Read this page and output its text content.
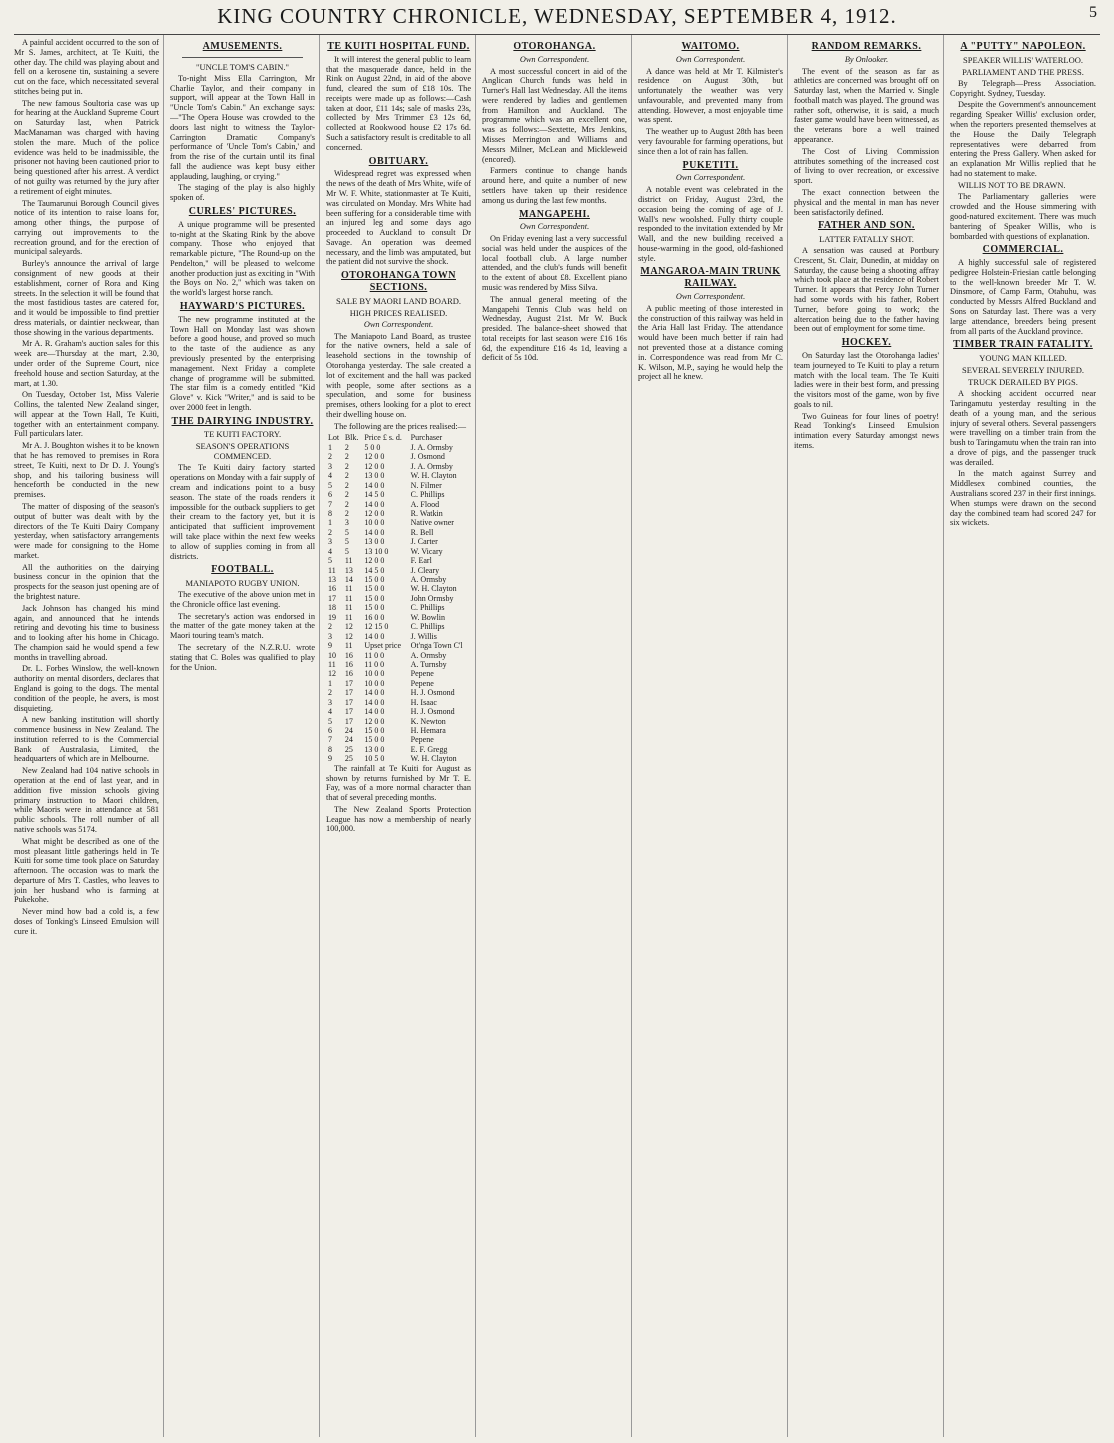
KING COUNTRY CHRONICLE, WEDNESDAY, SEPTEMBER 4, 1912.	5

A painful accident occurred to the son of Mr S. James, architect, at Te Kuiti, the other day. The child was playing about and fell on a kerosene tin, sustaining a severe cut on the face, which necessitated several stitches being put in.

The new famous Soultoria case was up for hearing at the Auckland Supreme Court on Saturday last, when Patrick MacManaman was charged with having stolen the mare. Much of the police evidence was held to be inadmissible, the prisoner not having been cautioned prior to being questioned after his arrest. A verdict of not guilty was returned by the jury after a retirement of eight minutes.

The Taumarunui Borough Council gives notice of its intention to raise loans for, among other things, the purpose of carrying out improvements to the recreation ground, and for the erection of municipal saleyards.

Burley's announce the arrival of large consignment of new goods at their establishment, corner of Rora and King streets. In the selection it will be found that the most fastidious tastes are catered for, and it would be impossible to find prettier dress materials, or daintier neckwear, than those showing in the various departments.

Mr A. R. Graham's auction sales for this week are—Thursday at the mart, 2.30, under order of the Supreme Court, nice freehold house and section Saturday, at the mart, at 1.30.

On Tuesday, October 1st, Miss Valerie Collins, the talented New Zealand singer, will appear at the Town Hall, Te Kuiti, together with an entertainment company. Full particulars later.

Mr A. J. Boughton wishes it to be known that he has removed to premises in Rora street, Te Kuiti, next to Dr D. J. Young's shop, and his tailoring business will henceforth be conducted in the new premises.

The matter of disposing of the season's output of butter was dealt with by the directors of the Te Kuiti Dairy Company yesterday, when satisfactory arrangements were made for consigning to the Home market.

All the authorities on the dairying business concur in the opinion that the prospects for the season just opening are of the brightest nature.

Jack Johnson has changed his mind again, and announced that he intends retiring and devoting his time to business and to looking after his home in Chicago. The champion said he would spend a few months in travelling abroad.

Dr. L. Forbes Winslow, the well-known authority on mental disorders, declares that England is going to the dogs. The mental condition of the people, he avers, is most disquieting.

A new banking institution will shortly commence business in New Zealand. The institution referred to is the Commercial Bank of Australasia, Limited, the headquarters of which are in Melbourne.

New Zealand had 104 native schools in operation at the end of last year, and in addition five mission schools giving primary instruction to Maori children, while Maoris were in attendance at 581 public schools. The roll number of all native schools was 5174.

What might be described as one of the most pleasant little gatherings held in Te Kuiti for some time took place on Saturday afternoon. The occasion was to mark the departure of Mrs T. Castles, who leaves to join her husband who is farming at Pukekohe.

Never mind how bad a cold is, a few doses of Tonking's Linseed Emulsion will cure it.

AMUSEMENTS.
"UNCLE TOM'S CABIN."

To-night Miss Ella Carrington, Mr Charlie Taylor, and their company in support, will appear at the Town Hall in "Uncle Tom's Cabin." An exchange says:—"The Opera House was crowded to the doors last night to witness the Taylor-Carrington Dramatic Company's performance of 'Uncle Tom's Cabin,' and from the rise of the curtain until its final fall the audience was kept busy either applauding, laughing, or crying."

The staging of the play is also highly spoken of.

CURLES' PICTURES.

A unique programme will be presented to-night at the Skating Rink by the above company. Those who enjoyed that remarkable picture, "The Round-up on the Pendelton," will be pleased to welcome another production just as exciting in "With the Boys on No. 2," which was taken on the world's largest horse ranch.

HAYWARD'S PICTURES.

The new programme instituted at the Town Hall on Monday last was shown before a good house, and proved so much to the taste of the audience as any previously presented by the enterprising management. Next Friday a complete change of programme will be submitted. The star film is a comedy entitled "Kid Glove" v. Kick "Writer," and is said to be over 2000 feet in length.

THE DAIRYING INDUSTRY.
TE KUITI FACTORY.
SEASON'S OPERATIONS COMMENCED.

The Te Kuiti dairy factory started operations on Monday with a fair supply of cream and indications point to a busy season. The state of the roads renders it impossible for the outback suppliers to get their cream to the factory yet, but it is anticipated that sufficient improvement will take place within the next few weeks to allow of supplies coming in from all districts.

FOOTBALL.
MANIAPOTO RUGBY UNION.

The executive of the above union met in the Chronicle office last evening.

The secretary's action was endorsed in the matter of the gate money taken at the Maori touring team's match.

The secretary of the N.Z.R.U. wrote stating that C. Boles was qualified to play for the Union.

TE KUITI HOSPITAL FUND.

It will interest the general public to learn that the masquerade dance, held in the Rink on August 22nd, in aid of the above fund, cleared the sum of £18 10s. The receipts were made up as follows:—Cash taken at door, £11 14s; sale of masks 23s, collected by Mrs Trimmer £3 12s 6d, collected at Rookwood house £2 17s 6d. Such a satisfactory result is creditable to all concerned.

OBITUARY.

Widespread regret was expressed when the news of the death of Mrs White, wife of Mr W. F. White, stationmaster at Te Kuiti, was circulated on Monday. Mrs White had been suffering for a considerable time with an injured leg and some days ago proceeded to Auckland to consult Dr Savage. An operation was deemed necessary, and the limb was amputated, but the patient did not survive the shock.

OTOROHANGA TOWN SECTIONS.
SALE BY MAORI LAND BOARD.
HIGH PRICES REALISED.
Own Correspondent.

The Maniapoto Land Board, as trustee for the native owners, held a sale of leasehold sections in the township of Otorohanga yesterday. The sale created a lot of excitement and the hall was packed with people, some after sections as a speculation, and some for business premises, others looking for a plot to erect their dwelling house on.

The following are the prices realised:—

Lot	Blk.	Price £ s. d.	Purchaser
1	2	5 0 0	J. A. Ormsby
2	2	12 0 0	J. Osmond
3	2	12 0 0	J. A. Ormsby
4	2	13 0 0	W. H. Clayton
5	2	14 0 0	N. Filmer
6	2	14 5 0	C. Phillips
7	2	14 0 0	A. Flood
8	2	12 0 0	R. Watkin
1	3	10 0 0	Native owner
2	5	14 0 0	R. Bell
3	5	13 0 0	J. Carter
4	5	13 10 0	W. Vicary
5	11	12 0 0	F. Earl
11	13	14 5 0	J. Cleary
13	14	15 0 0	A. Ormsby
16	11	15 0 0	W. H. Clayton
17	11	15 0 0	John Ormsby
18	11	15 0 0	C. Phillips
19	11	16 0 0	W. Bowlin
2	12	12 15 0	C. Phillips
3	12	14 0 0	J. Willis
9	11	Upset price	Ot'nga Town C'l
10	16	11 0 0	A. Ormsby
11	16	11 0 0	A. Turnsby
12	16	10 0 0	Pepene
1	17	10 0 0	Pepene
2	17	14 0 0	H. J. Osmond
3	17	14 0 0	H. Isaac
4	17	14 0 0	H. J. Osmond
5	17	12 0 0	K. Newton
6	24	15 0 0	H. Hemara
7	24	15 0 0	Pepene
8	25	13 0 0	E. F. Gregg
9	25	10 5 0	W. H. Clayton

The rainfall at Te Kuiti for August as shown by returns furnished by Mr T. E. Fay, was of a more normal character than that of several preceding months.

The New Zealand Sports Protection League has now a membership of nearly 100,000.

OTOROHANGA.
Own Correspondent.

A most successful concert in aid of the Anglican Church funds was held in Turner's Hall last Wednesday. All the items were rendered by ladies and gentlemen from Hamilton and Auckland. The programme which was an excellent one, was as follows:—Sextette, Mrs Jenkins, Misses Merrington and Williams and Messrs Milner, McLean and Mickleweid (encored).

Farmers continue to change hands around here, and quite a number of new settlers have taken up their residence among us during the last few months.

MANGAPEHI.
Own Correspondent.

On Friday evening last a very successful social was held under the auspices of the local football club. A large number attended, and the club's funds will benefit to the extent of about £8. Excellent piano music was rendered by Miss Silva.

The annual general meeting of the Mangapehi Tennis Club was held on Wednesday, August 21st. Mr W. Buck presided. The balance-sheet showed that total receipts for last season were £16 16s 6d, the expenditure £16 4s 1d, leaving a deficit of 5s 10d.

WAITOMO.
Own Correspondent.

A dance was held at Mr T. Kilmister's residence on August 30th, but unfortunately the weather was very unfavourable, and prevented many from attending. However, a most enjoyable time was spent.

The weather up to August 28th has been very favourable for farming operations, but since then a lot of rain has fallen.

PUKETITI.
Own Correspondent.

A notable event was celebrated in the district on Friday, August 23rd, the occasion being the coming of age of J. Wall's new woolshed. Fully thirty couple responded to the invitation extended by Mr Wall, and the new building received a house-warming in the good, old-fashioned style.

MANGAROA-MAIN TRUNK RAILWAY.
Own Correspondent.

A public meeting of those interested in the construction of this railway was held in the Aria Hall last Friday. The attendance would have been much better if rain had not prevented those at a distance coming in. Correspondence was read from Mr C. K. Wilson, M.P., saying he would help the project all he knew.

RANDOM REMARKS.
By Onlooker.

The event of the season as far as athletics are concerned was brought off on Saturday last, when the Married v. Single football match was played. The ground was rather soft, otherwise, it is said, a much faster game would have been witnessed, as the veterans bore a well trained appearance.

The Cost of Living Commission attributes something of the increased cost of living to over recreation, or excessive sport.

The exact connection between the physical and the mental in man has never been satisfactorily defined.

FATHER AND SON.
LATTER FATALLY SHOT.

A sensation was caused at Portbury Crescent, St. Clair, Dunedin, at midday on Saturday, the cause being a shooting affray which took place at the residence of Robert Turner. It appears that Percy John Turner had some words with his father, Robert Turner, before going to work; the altercation being due to the father having been out of employment for some time.

HOCKEY.

On Saturday last the Otorohanga ladies' team journeyed to Te Kuiti to play a return match with the local team. The Te Kuiti ladies were in their best form, and pressing the visitors most of the game, won by five goals to nil.

Two Guineas for four lines of poetry! Read Tonking's Linseed Emulsion intimation every Saturday amongst news items.

A "PUTTY" NAPOLEON.
SPEAKER WILLIS' WATERLOO.
PARLIAMENT AND THE PRESS.

By Telegraph—Press Association. Copyright. Sydney, Tuesday.

Despite the Government's announcement regarding Speaker Willis' exclusion order, when the reporters presented themselves at the House the Daily Telegraph representatives were debarred from entering the Press Gallery. When asked for an explanation Mr Willis replied that he had no statement to make.

WILLIS NOT TO BE DRAWN.

The Parliamentary galleries were crowded and the House simmering with good-natured excitement. There was much bantering of Speaker Willis, who is bombarded with questions of explanation.

COMMERCIAL.

A highly successful sale of registered pedigree Holstein-Friesian cattle belonging to the well-known breeder Mr T. W. Dinsmore, of Camp Farm, Otahuhu, was conducted by Messrs Alfred Buckland and Sons on Saturday last. There was a very large attendance, breeders being present from all parts of the Auckland province.

TIMBER TRAIN FATALITY.
YOUNG MAN KILLED.
SEVERAL SEVERELY INJURED.
TRUCK DERAILED BY PIGS.

A shocking accident occurred near Taringamutu yesterday resulting in the death of a young man, and the serious injury of several others. Several passengers were travelling on a timber train from the bush to Taringamutu when the train ran into a drove of pigs, and the passenger truck was derailed.

In the match against Surrey and Middlesex combined counties, the Australians scored 237 in their first innings. When stumps were drawn on the second day the combined team had scored 247 for six wickets.
